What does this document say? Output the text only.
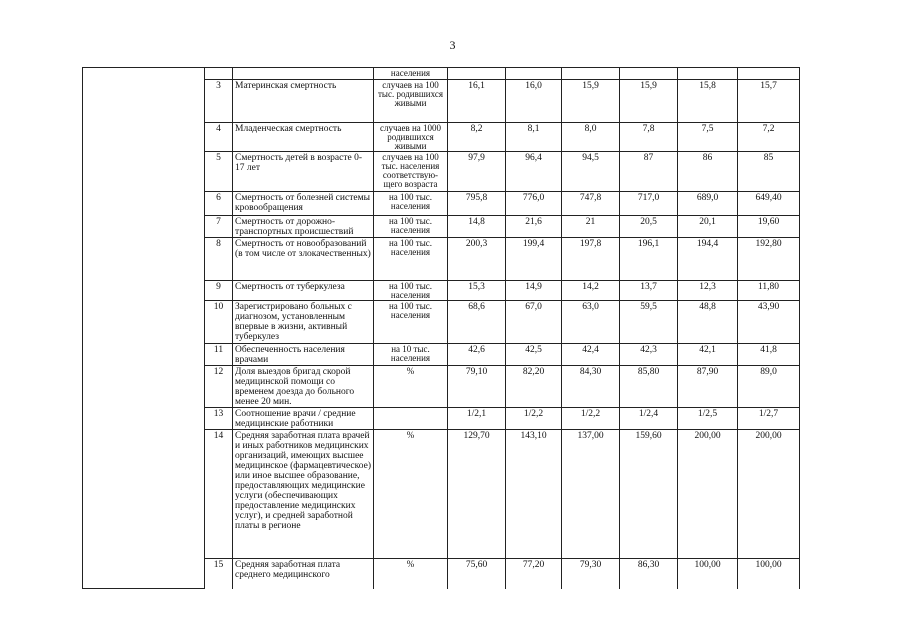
3
			населения						
	3	Материнская смертность	случаев на 100 тыс. родившихся живыми	16,1	16,0	15,9	15,9	15,8	15,7
	4	Младенческая смертность	случаев на 1000 родившихся живыми	8,2	8,1	8,0	7,8	7,5	7,2
	5	Смертность детей в возрасте 0-17 лет	случаев на 100 тыс. населения соответствую-щего возраста	97,9	96,4	94,5	87	86	85
	6	Смертность от болезней системы кровообращения	на 100 тыс. населения	795,8	776,0	747,8	717,0	689,0	649,40
	7	Смертность от дорожно-транспортных происшествий	на 100 тыс. населения	14,8	21,6	21	20,5	20,1	19,60
	8	Смертность от новообразований (в том числе от злокачественных)	на 100 тыс. населения	200,3	199,4	197,8	196,1	194,4	192,80
	9	Смертность от туберкулеза	на 100 тыс. населения	15,3	14,9	14,2	13,7	12,3	11,80
	10	Зарегистрировано больных с диагнозом, установленным впервые в жизни, активный туберкулез	на 100 тыс. населения	68,6	67,0	63,0	59,5	48,8	43,90
	11	Обеспеченность населения врачами	на 10 тыс. населения	42,6	42,5	42,4	42,3	42,1	41,8
	12	Доля выездов бригад скорой медицинской помощи со временем доезда до больного менее 20 мин.	%	79,10	82,20	84,30	85,80	87,90	89,0
	13	Соотношение врачи / средние медицинские работники		1/2,1	1/2,2	1/2,2	1/2,4	1/2,5	1/2,7
	14	Средняя заработная плата врачей и иных работников медицинских организаций, имеющих высшее медицинское (фармацевтическое) или иное высшее образование, предоставляющих медицинские услуги (обеспечивающих предоставление медицинских услуг), и средней заработной платы в регионе	%	129,70	143,10	137,00	159,60	200,00	200,00
	15	Средняя заработная плата среднего медицинского	%	75,60	77,20	79,30	86,30	100,00	100,00
